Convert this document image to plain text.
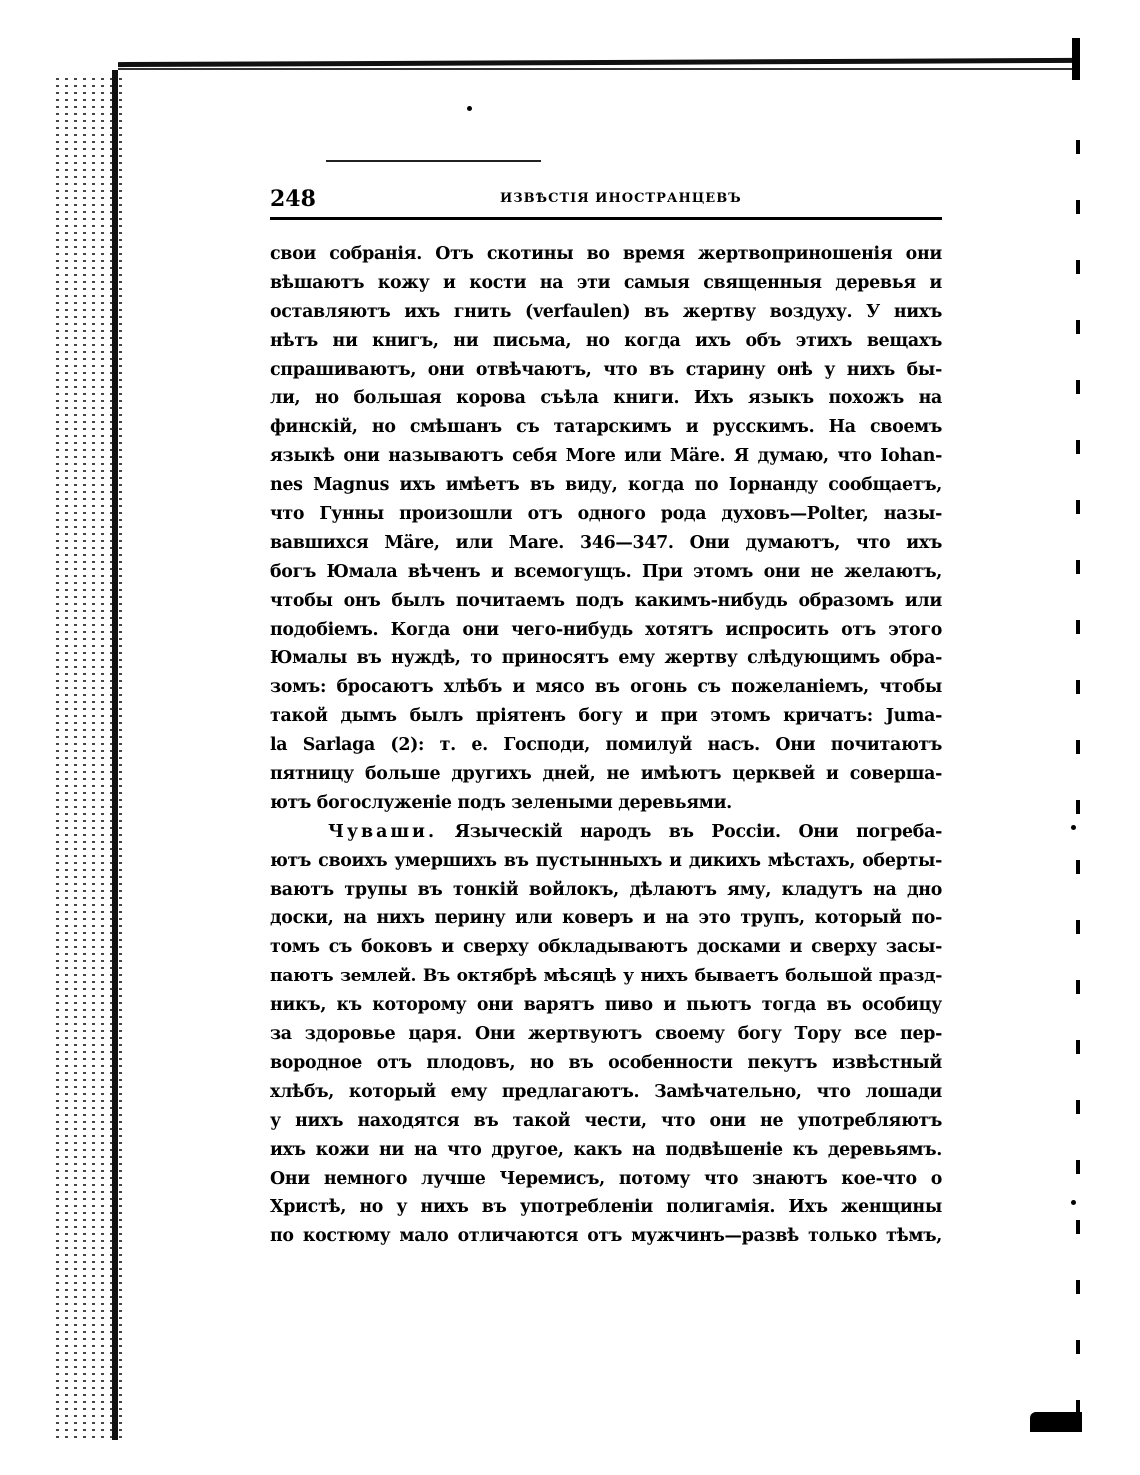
248	ИЗВѢСТІЯ ИНОСТРАНЦЕВЪ
свои собранія. Отъ скотины во время жертвоприношенія они
вѣшаютъ кожу и кости на эти самыя священныя деревья и
оставляютъ ихъ гнить (verfaulen) въ жертву воздуху. У нихъ
нѣтъ ни книгъ, ни письма, но когда ихъ объ этихъ вещахъ
спрашиваютъ, они отвѣчаютъ, что въ старину онѣ у нихъ бы-
ли, но большая корова съѣла книги. Ихъ языкъ похожъ на
финскій, но смѣшанъ съ татарскимъ и русскимъ. На своемъ
языкѣ они называютъ себя More или Märe. Я думаю, что Iohan-
nes Magnus ихъ имѣетъ въ виду, когда по Іорнанду сообщаетъ,
что Гунны произошли отъ одного рода духовъ—Polter, назы-
вавшихся Märe, или Mare. 346—347. Они думаютъ, что ихъ
богъ Юмала вѣченъ и всемогущъ. При этомъ они не желаютъ,
чтобы онъ былъ почитаемъ подъ какимъ-нибудь образомъ или
подобіемъ. Когда они чего-нибудь хотятъ испросить отъ этого
Юмалы въ нуждѣ, то приносятъ ему жертву слѣдующимъ обра-
зомъ: бросаютъ хлѣбъ и мясо въ огонь съ пожеланіемъ, чтобы
такой дымъ былъ пріятенъ богу и при этомъ кричатъ: Juma-
la Sarlaga (2): т. е. Господи, помилуй насъ. Они почитаютъ
пятницу больше другихъ дней, не имѣютъ церквей и соверша-
ютъ богослуженіе подъ зелеными деревьями.
Чуваши. Языческій народъ въ Россіи. Они погреба-
ютъ своихъ умершихъ въ пустынныхъ и дикихъ мѣстахъ, оберты-
ваютъ трупы въ тонкій войлокъ, дѣлаютъ яму, кладутъ на дно
доски, на нихъ перину или коверъ и на это трупъ, который по-
томъ съ боковъ и сверху обкладываютъ досками и сверху засы-
паютъ землей. Въ октябрѣ мѣсяцѣ у нихъ бываетъ большой празд-
никъ, къ которому они варятъ пиво и пьютъ тогда въ особицу
за здоровье царя. Они жертвуютъ своему богу Тору все пер-
вородное отъ плодовъ, но въ особенности пекутъ извѣстный
хлѣбъ, который ему предлагаютъ. Замѣчательно, что лошади
у нихъ находятся въ такой чести, что они не употребляютъ
ихъ кожи ни на что другое, какъ на подвѣшеніе къ деревьямъ.
Они немного лучше Черемисъ, потому что знаютъ кое-что о
Христѣ, но у нихъ въ употребленіи полигамія. Ихъ женщины
по костюму мало отличаются отъ мужчинъ—развѣ только тѣмъ,
